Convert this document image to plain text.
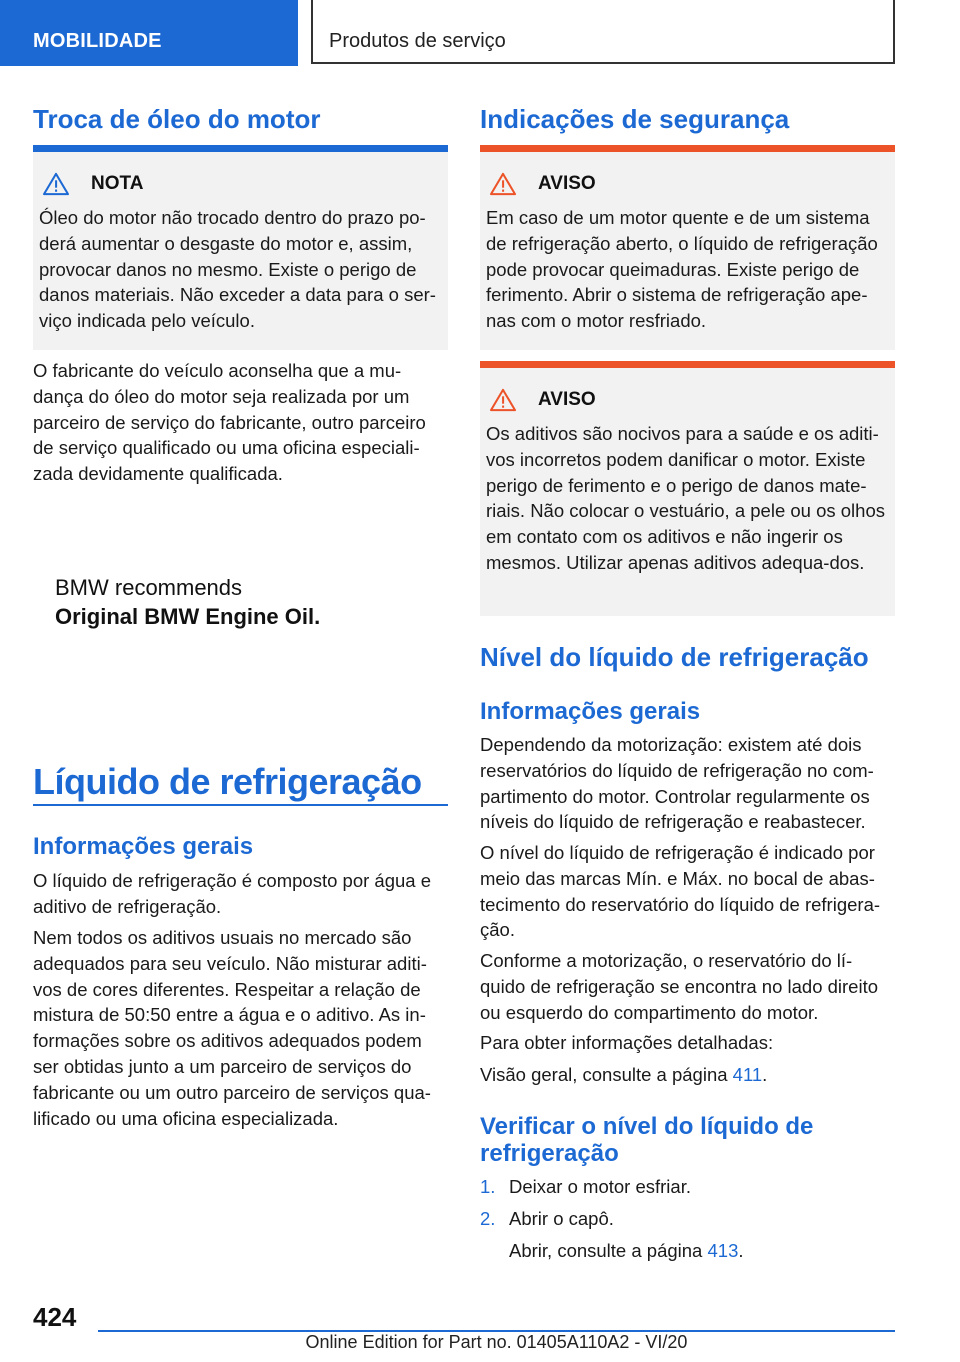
MOBILIDADE	Produtos de serviço
Troca de óleo do motor
NOTA

Óleo do motor não trocado dentro do prazo po-derá aumentar o desgaste do motor e, assim, provocar danos no mesmo. Existe o perigo de danos materiais. Não exceder a data para o ser-viço indicada pelo veículo.

O fabricante do veículo aconselha que a mu-dança do óleo do motor seja realizada por um parceiro de serviço do fabricante, outro parceiro de serviço qualificado ou uma oficina especiali-zada devidamente qualificada.

BMW recommends
Original BMW Engine Oil.
Líquido de refrigeração
Informações gerais

O líquido de refrigeração é composto por água e aditivo de refrigeração.

Nem todos os aditivos usuais no mercado são adequados para seu veículo. Não misturar aditi-vos de cores diferentes. Respeitar a relação de mistura de 50:50 entre a água e o aditivo. As in-formações sobre os aditivos adequados podem ser obtidas junto a um parceiro de serviços do fabricante ou um outro parceiro de serviços qua-lificado ou uma oficina especializada.

Indicações de segurança
AVISO

Em caso de um motor quente e de um sistema de refrigeração aberto, o líquido de refrigeração pode provocar queimaduras. Existe perigo de ferimento. Abrir o sistema de refrigeração ape-nas com o motor resfriado.

AVISO

Os aditivos são nocivos para a saúde e os aditi-vos incorretos podem danificar o motor. Existe perigo de ferimento e o perigo de danos mate-riais. Não colocar o vestuário, a pele ou os olhos em contato com os aditivos e não ingerir os mesmos. Utilizar apenas aditivos adequa-dos.

Nível do líquido de refrigeração
Informações gerais

Dependendo da motorização: existem até dois reservatórios do líquido de refrigeração no com-partimento do motor. Controlar regularmente os níveis do líquido de refrigeração e reabastecer.

O nível do líquido de refrigeração é indicado por meio das marcas Mín. e Máx. no bocal de abas-tecimento do reservatório do líquido de refrigera-ção.

Conforme a motorização, o reservatório do lí-quido de refrigeração se encontra no lado direito ou esquerdo do compartimento do motor.

Para obter informações detalhadas:

Visão geral, consulte a página 411.

Verificar o nível do líquido de refrigeração
1. Deixar o motor esfriar.
2. Abrir o capô.

Abrir, consulte a página 413.

424
Online Edition for Part no. 01405A110A2 - VI/20
